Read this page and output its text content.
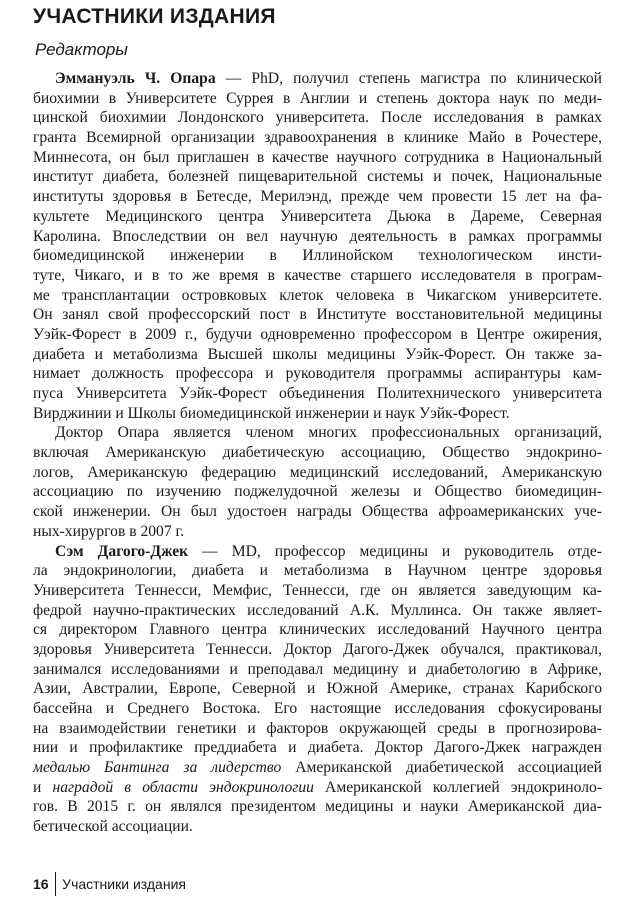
УЧАСТНИКИ ИЗДАНИЯ
Редакторы
Эммануэль Ч. Опара — PhD, получил степень магистра по клинической
биохимии в Университете Суррея в Англии и степень доктора наук по меди-
цинской биохимии Лондонского университета. После исследования в рамках
гранта Всемирной организации здравоохранения в клинике Майо в Рочестере,
Миннесота, он был приглашен в качестве научного сотрудника в Национальный
институт диабета, болезней пищеварительной системы и почек, Национальные
институты здоровья в Бетесде, Мерилэнд, прежде чем провести 15 лет на фа-
культете Медицинского центра Университета Дьюка в Дареме, Северная
Каролина. Впоследствии он вел научную деятельность в рамках программы
биомедицинской инженерии в Иллинойском технологическом инсти-
туте, Чикаго, и в то же время в качестве старшего исследователя в програм-
ме трансплантации островковых клеток человека в Чикагском университете.
Он занял свой профессорский пост в Институте восстановительной медицины
Уэйк-Форест в 2009 г., будучи одновременно профессором в Центре ожирения,
диабета и метаболизма Высшей школы медицины Уэйк-Форест. Он также за-
нимает должность профессора и руководителя программы аспирантуры кам-
пуса Университета Уэйк-Форест объединения Политехнического университета
Вирджинии и Школы биомедицинской инженерии и наук Уэйк-Форест.
Доктор Опара является членом многих профессиональных организаций,
включая Американскую диабетическую ассоциацию, Общество эндокрино-
логов, Американскую федерацию медицинский исследований, Американскую
ассоциацию по изучению поджелудочной железы и Общество биомедицин-
ской инженерии. Он был удостоен награды Общества афроамериканских уче-
ных-хирургов в 2007 г.
Сэм Дагого-Джек — MD, профессор медицины и руководитель отде-
ла эндокринологии, диабета и метаболизма в Научном центре здоровья
Университета Теннесси, Мемфис, Теннесси, где он является заведующим ка-
федрой научно-практических исследований А.К. Муллинса. Он также являет-
ся директором Главного центра клинических исследований Научного центра
здоровья Университета Теннесси. Доктор Дагого-Джек обучался, практиковал,
занимался исследованиями и преподавал медицину и диабетологию в Африке,
Азии, Австралии, Европе, Северной и Южной Америке, странах Карибского
бассейна и Среднего Востока. Его настоящие исследования сфокусированы
на взаимодействии генетики и факторов окружающей среды в прогнозирова-
нии и профилактике преддиабета и диабета. Доктор Дагого-Джек награжден
медалью Бантинга за лидерство Американской диабетической ассоциацией
и наградой в области эндокринологии Американской коллегией эндокриноло-
гов. В 2015 г. он являлся президентом медицины и науки Американской диа-
бетической ассоциации.
16 Участники издания
